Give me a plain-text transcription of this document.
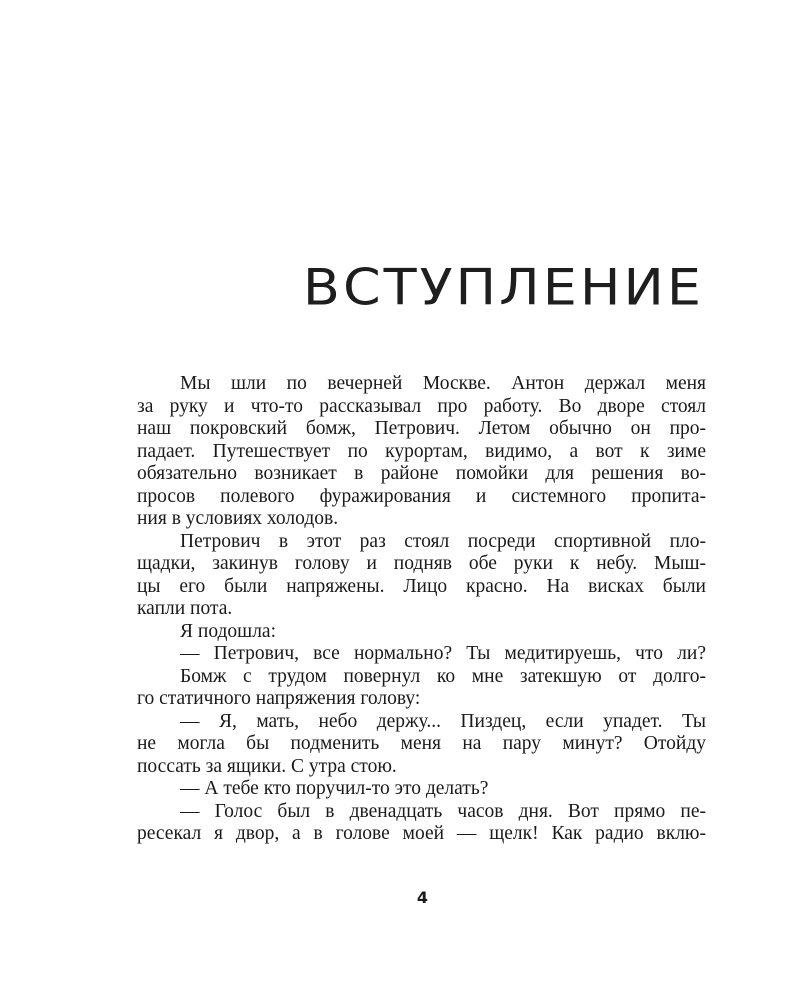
ВСТУПЛЕНИЕ
Мы шли по вечерней Москве. Антон держал меня
за руку и что-то рассказывал про работу. Во дворе стоял
наш покровский бомж, Петрович. Летом обычно он про-
падает. Путешествует по курортам, видимо, а вот к зиме
обязательно возникает в районе помойки для решения во-
просов полевого фуражирования и системного пропита-
ния в условиях холодов.
Петрович в этот раз стоял посреди спортивной пло-
щадки, закинув голову и подняв обе руки к небу. Мыш-
цы его были напряжены. Лицо красно. На висках были
капли пота.
Я подошла:
— Петрович, все нормально? Ты медитируешь, что ли?
Бомж с трудом повернул ко мне затекшую от долго-
го статичного напряжения голову:
— Я, мать, небо держу... Пиздец, если упадет. Ты
не могла бы подменить меня на пару минут? Отойду
поссать за ящики. С утра стою.
— А тебе кто поручил-то это делать?
— Голос был в двенадцать часов дня. Вот прямо пе-
ресекал я двор, а в голове моей — щелк! Как радио вклю-
4
